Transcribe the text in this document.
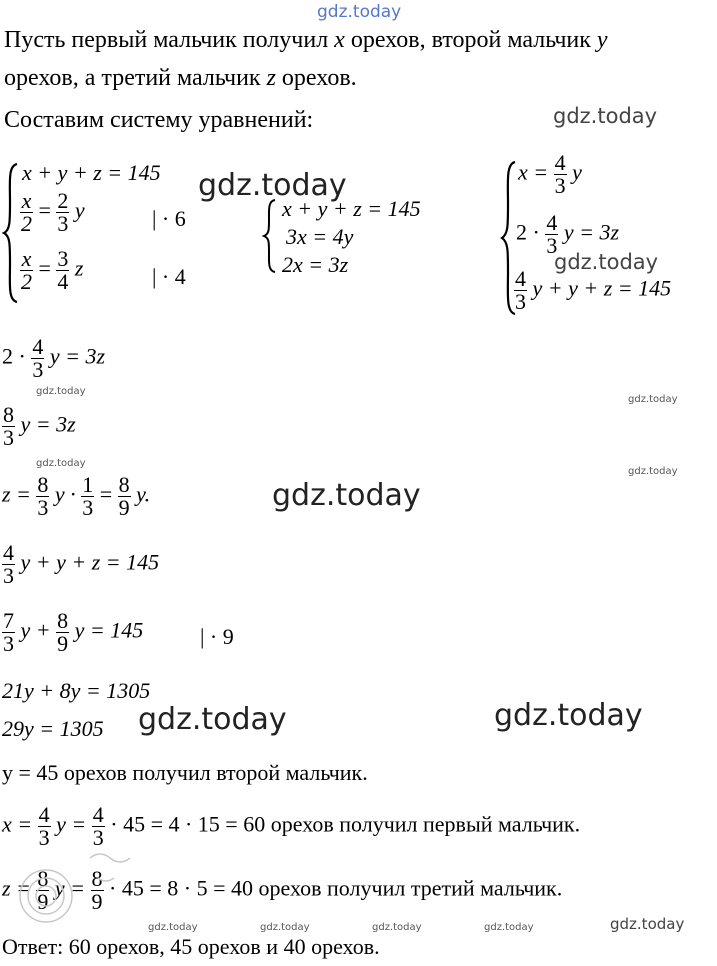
gdz.today
Пусть первый мальчик получил x орехов, второй мальчик y
орехов, а третий мальчик z орехов.
Составим систему уравнений:	gdz.today
gdz.today
gdz.today
gdz.today
gdz.today
gdz.today
gdz.today
gdz.today
gdz.today	gdz.today
gdz.today	gdz.today	gdz.today	gdz.today	gdz.today
x + y + z = 145
$\frac{x}{2} = \frac{2}{3}$ y	| · 6
$\frac{x}{2} = \frac{3}{4}$ z	| · 4
x + y + z = 145
3x = 4y
2x = 3z
$x = \frac{4}{3}$ y
$2 \cdot \frac{4}{3}$ y = 3z
$\frac{4}{3}$ y + y + z = 145
$2 \cdot \frac{4}{3}$ y = 3z
$\frac{8}{3}$ y = 3z
$z = \frac{8}{3}$ $y \cdot \frac{1}{3} = \frac{8}{9} y$.
$\frac{4}{3}$ y + y + z = 145
$\frac{7}{3}$ $y + \frac{8}{9}$ y = 145	| · 9
21y + 8y = 1305
29y = 1305
y = 45 орехов получил второй мальчик.
$x = \frac{4}{3}$ $y = \frac{4}{3} \cdot 45 = 4 \cdot 15 = 60$ орехов получил первый мальчик.
$z = \frac{8}{9}$ $y = \frac{8}{9} \cdot 45 = 8 \cdot 5 = 40$ орехов получил третий мальчик.
Ответ: 60 орехов, 45 орехов и 40 орехов.
